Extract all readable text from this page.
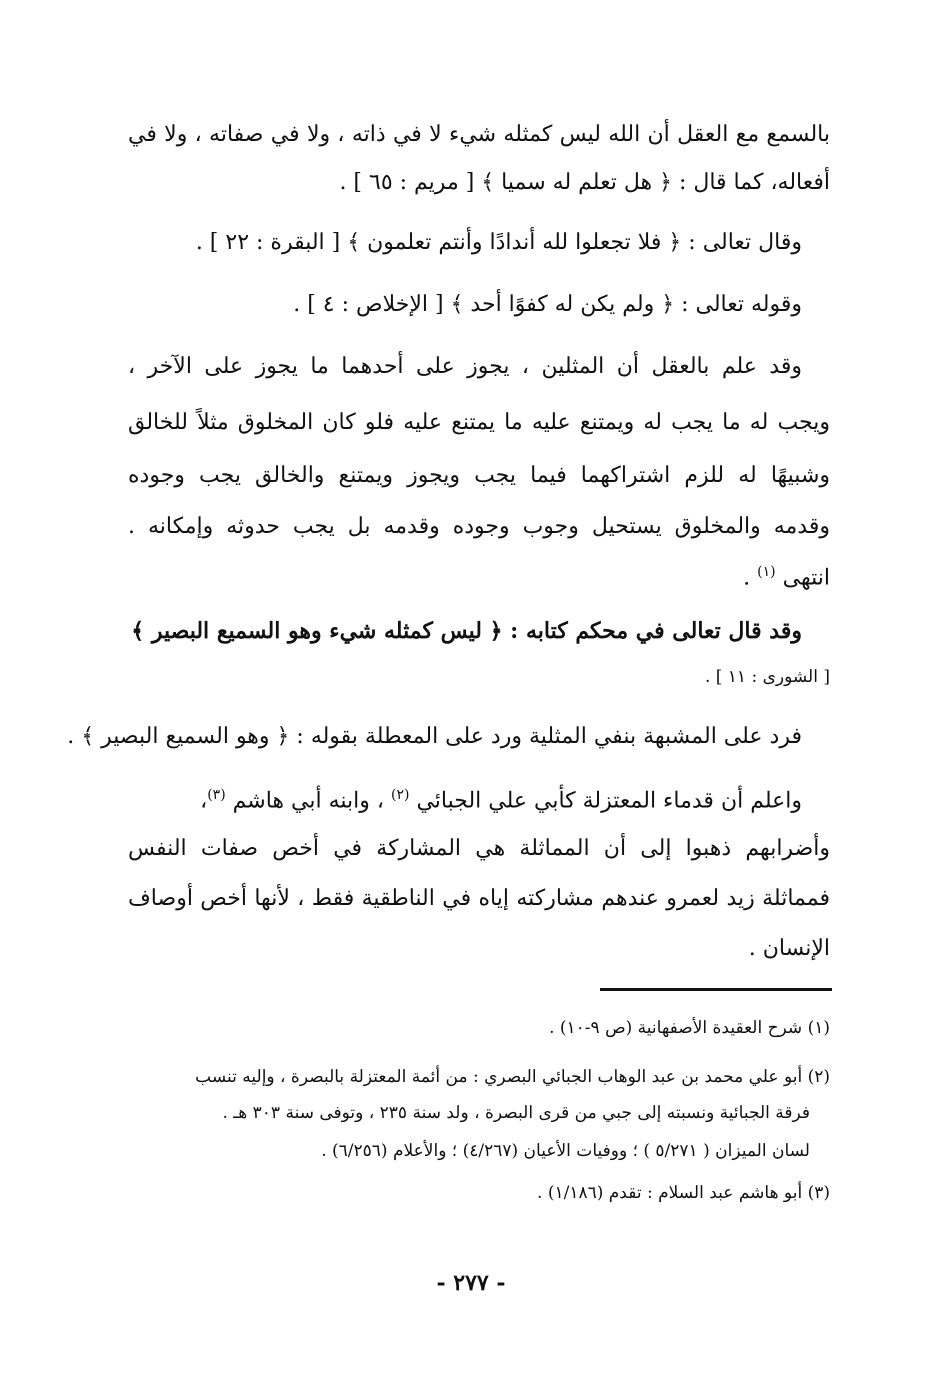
بالسمع مع العقل أن الله ليس كمثله شيء لا في ذاته ، ولا في صفاته ، ولا في
أفعاله، كما قال : ﴿ هل تعلم له سميا ﴾ [ مريم : ٦٥ ] .
وقال تعالى : ﴿ فلا تجعلوا لله أندادًا وأنتم تعلمون ﴾ [ البقرة : ٢٢ ] .
وقوله تعالى : ﴿ ولم يكن له كفوًا أحد ﴾ [ الإخلاص : ٤ ] .
وقد علم بالعقل أن المثلين ، يجوز على أحدهما ما يجوز على الآخر ،
ويجب له ما يجب له ويمتنع عليه ما يمتنع عليه فلو كان المخلوق مثلاً للخالق
وشبيهًا له للزم اشتراكهما فيما يجب ويجوز ويمتنع والخالق يجب وجوده
وقدمه والمخلوق يستحيل وجوب وجوده وقدمه بل يجب حدوثه وإمكانه .
انتهى $^{(١)}$ .
وقد قال تعالى في محكم كتابه : ﴿ ليس كمثله شيء وهو السميع البصير ﴾
[ الشورى : ١١ ] .
فرد على المشبهة بنفي المثلية ورد على المعطلة بقوله : ﴿ وهو السميع البصير ﴾ .
واعلم أن قدماء المعتزلة كأبي علي الجبائي $^{(٢)}$ ، وابنه أبي هاشم $^{(٣)}$،
وأضرابهم ذهبوا إلى أن المماثلة هي المشاركة في أخص صفات النفس
فمماثلة زيد لعمرو عندهم مشاركته إياه في الناطقية فقط ، لأنها أخص أوصاف
الإنسان .
(١) شرح العقيدة الأصفهانية (ص ٩-١٠) .
(٢) أبو علي محمد بن عبد الوهاب الجبائي البصري : من أئمة المعتزلة بالبصرة ، وإليه تنسب
فرقة الجبائية ونسبته إلى جبي من قرى البصرة ، ولد سنة ٢٣٥ ، وتوفى سنة ٣٠٣ هـ .
لسان الميزان ( ٥/٢٧١ ) ؛ ووفيات الأعيان (٤/٢٦٧) ؛ والأعلام (٦/٢٥٦) .
(٣) أبو هاشم عبد السلام : تقدم (١/١٨٦) .
- ٢٧٧ -
